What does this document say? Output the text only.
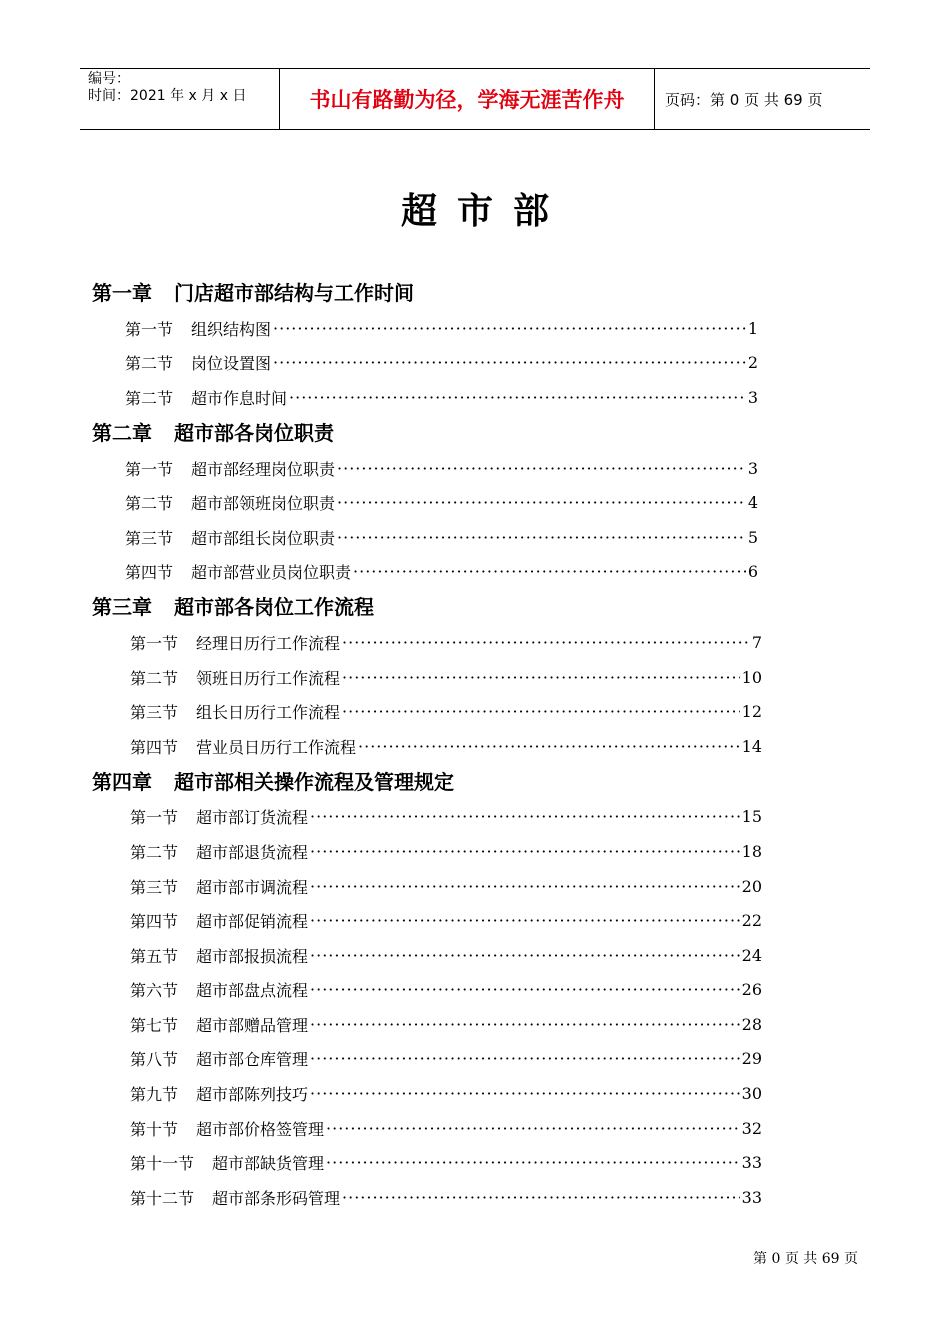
编号：
时间：2021 年 x 月 x 日	书山有路勤为径，学海无涯苦作舟	页码：第 0 页 共 69 页
超市部
第一章 门店超市部结构与工作时间
第一节 组织结构图 ·····	1
第二节 岗位设置图 ·····	2
第二节 超市作息时间 ·····	3
第二章 超市部各岗位职责
第一节 超市部经理岗位职责 ·····	3
第二节 超市部领班岗位职责 ·····	4
第三节 超市部组长岗位职责 ·····	5
第四节 超市部营业员岗位职责 ·····	6
第三章 超市部各岗位工作流程
第一节 经理日历行工作流程 ·····	7
第二节 领班日历行工作流程 ·····	10
第三节 组长日历行工作流程 ·····	12
第四节 营业员日历行工作流程 ·····	14
第四章 超市部相关操作流程及管理规定
第一节 超市部订货流程 ·····	15
第二节 超市部退货流程 ·····	18
第三节 超市部市调流程 ·····	20
第四节 超市部促销流程 ·····	22
第五节 超市部报损流程 ·····	24
第六节 超市部盘点流程 ·····	26
第七节 超市部赠品管理 ·····	28
第八节 超市部仓库管理 ·····	29
第九节 超市部陈列技巧 ·····	30
第十节 超市部价格签管理 ·····	32
第十一节 超市部缺货管理 ·····	33
第十二节 超市部条形码管理 ·····	33
第 0 页 共 69 页
